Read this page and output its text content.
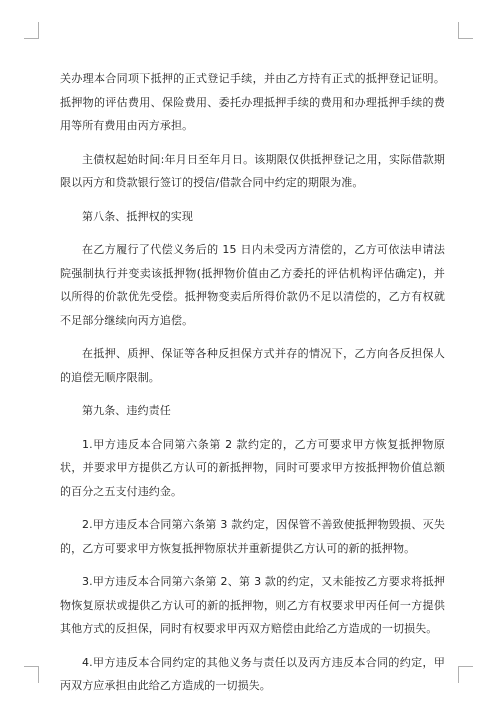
关办理本合同项下抵押的正式登记手续，并由乙方持有正式的抵押登记证明。抵押物的评估费用、保险费用、委托办理抵押手续的费用和办理抵押手续的费用等所有费用由丙方承担。

主债权起始时间:年月日至年月日。该期限仅供抵押登记之用，实际借款期限以丙方和贷款银行签订的授信/借款合同中约定的期限为准。

第八条、抵押权的实现

在乙方履行了代偿义务后的 15 日内未受丙方清偿的，乙方可依法申请法院强制执行并变卖该抵押物(抵押物价值由乙方委托的评估机构评估确定)，并以所得的价款优先受偿。抵押物变卖后所得价款仍不足以清偿的，乙方有权就不足部分继续向丙方追偿。

在抵押、质押、保证等各种反担保方式并存的情况下，乙方向各反担保人的追偿无顺序限制。

第九条、违约责任

1.甲方违反本合同第六条第 2 款约定的，乙方可要求甲方恢复抵押物原状，并要求甲方提供乙方认可的新抵押物，同时可要求甲方按抵押物价值总额的百分之五支付违约金。

2.甲方违反本合同第六条第 3 款约定，因保管不善致使抵押物毁损、灭失的，乙方可要求甲方恢复抵押物原状并重新提供乙方认可的新的抵押物。

3.甲方违反本合同第六条第 2、第 3 款的约定，又未能按乙方要求将抵押物恢复原状或提供乙方认可的新的抵押物，则乙方有权要求甲丙任何一方提供其他方式的反担保，同时有权要求甲丙双方赔偿由此给乙方造成的一切损失。

4.甲方违反本合同约定的其他义务与责任以及丙方违反本合同的约定，甲丙双方应承担由此给乙方造成的一切损失。
